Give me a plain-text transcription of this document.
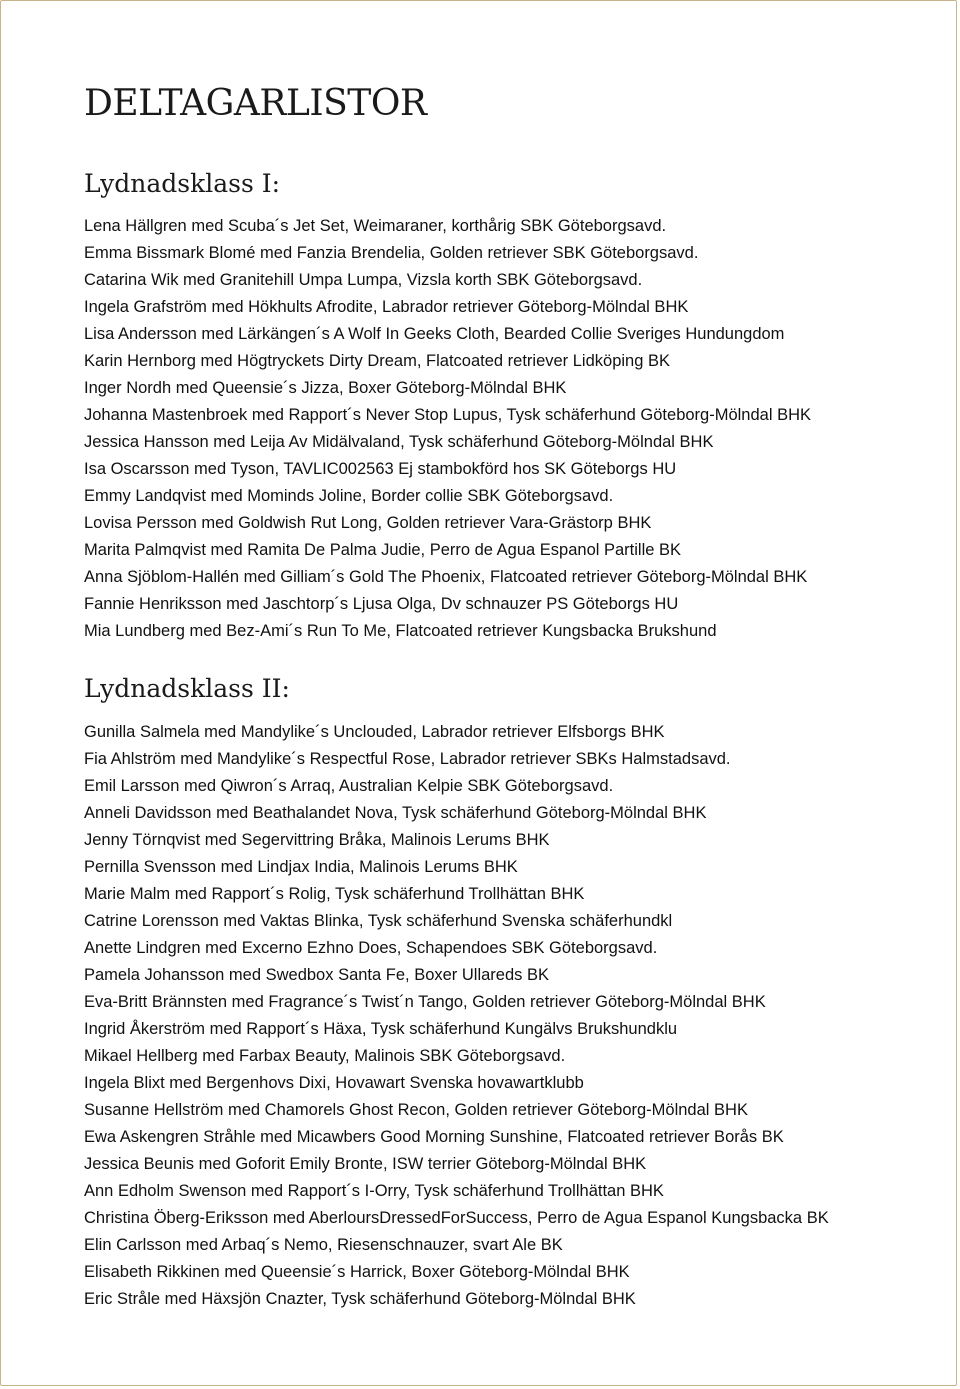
DELTAGARLISTOR
Lydnadsklass I:
Lena Hällgren med Scuba´s Jet Set, Weimaraner, korthårig SBK Göteborgsavd.
Emma Bissmark Blomé med Fanzia Brendelia, Golden retriever SBK Göteborgsavd.
Catarina Wik med Granitehill Umpa Lumpa, Vizsla korth SBK Göteborgsavd.
Ingela Grafström med Hökhults Afrodite, Labrador retriever Göteborg-Mölndal BHK
Lisa Andersson med Lärkängen´s A Wolf In Geeks Cloth, Bearded Collie Sveriges Hundungdom
Karin Hernborg med Högtryckets Dirty Dream, Flatcoated retriever Lidköping BK
Inger Nordh med Queensie´s Jizza, Boxer Göteborg-Mölndal BHK
Johanna Mastenbroek med Rapport´s Never Stop Lupus, Tysk schäferhund Göteborg-Mölndal BHK
Jessica Hansson med Leija Av Midälvaland, Tysk schäferhund Göteborg-Mölndal BHK
Isa Oscarsson med Tyson, TAVLIC002563 Ej stambokförd hos SK Göteborgs HU
Emmy Landqvist med Mominds Joline, Border collie SBK Göteborgsavd.
Lovisa Persson med Goldwish Rut Long, Golden retriever Vara-Grästorp BHK
Marita Palmqvist med Ramita De Palma Judie, Perro de Agua Espanol Partille BK
Anna Sjöblom-Hallén med Gilliam´s Gold The Phoenix, Flatcoated retriever Göteborg-Mölndal BHK
Fannie Henriksson med Jaschtorp´s Ljusa Olga, Dv schnauzer PS Göteborgs HU
Mia Lundberg med Bez-Ami´s Run To Me, Flatcoated retriever Kungsbacka Brukshund
Lydnadsklass II:
Gunilla Salmela med Mandylike´s Unclouded, Labrador retriever Elfsborgs BHK
Fia Ahlström med Mandylike´s Respectful Rose, Labrador retriever SBKs Halmstadsavd.
Emil Larsson med Qiwron´s Arraq, Australian Kelpie SBK Göteborgsavd.
Anneli Davidsson med Beathalandet Nova, Tysk schäferhund Göteborg-Mölndal BHK
Jenny Törnqvist med Segervittring Bråka, Malinois Lerums BHK
Pernilla Svensson med Lindjax India, Malinois Lerums BHK
Marie Malm med Rapport´s Rolig, Tysk schäferhund Trollhättan BHK
Catrine Lorensson med Vaktas Blinka, Tysk schäferhund Svenska schäferhundkl
Anette Lindgren med Excerno Ezhno Does, Schapendoes SBK Göteborgsavd.
Pamela Johansson med Swedbox Santa Fe, Boxer Ullareds BK
Eva-Britt Brännsten med Fragrance´s Twist´n Tango, Golden retriever Göteborg-Mölndal BHK
Ingrid Åkerström med Rapport´s Häxa, Tysk schäferhund Kungälvs Brukshundklu
Mikael Hellberg med Farbax Beauty, Malinois SBK Göteborgsavd.
Ingela Blixt med Bergenhovs Dixi, Hovawart Svenska hovawartklubb
Susanne Hellström med Chamorels Ghost Recon, Golden retriever Göteborg-Mölndal BHK
Ewa Askengren Stråhle med Micawbers Good Morning Sunshine, Flatcoated retriever Borås BK
Jessica Beunis med Goforit Emily Bronte, ISW terrier Göteborg-Mölndal BHK
Ann Edholm Swenson med Rapport´s I-Orry, Tysk schäferhund Trollhättan BHK
Christina Öberg-Eriksson med AberloursDressedForSuccess, Perro de Agua Espanol Kungsbacka BK
Elin Carlsson med Arbaq´s Nemo, Riesenschnauzer, svart Ale BK
Elisabeth Rikkinen med Queensie´s Harrick, Boxer Göteborg-Mölndal BHK
Eric Stråle med Häxsjön Cnazter, Tysk schäferhund Göteborg-Mölndal BHK
